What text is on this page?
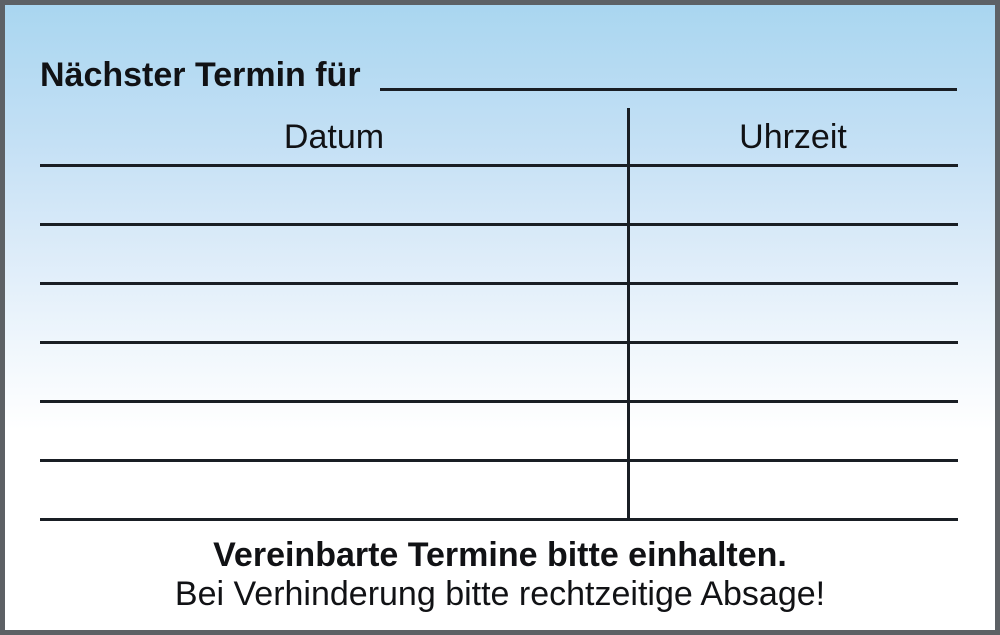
Nächster Termin für
Datum	Uhrzeit
Vereinbarte Termine bitte einhalten.
Bei Verhinderung bitte rechtzeitige Absage!
